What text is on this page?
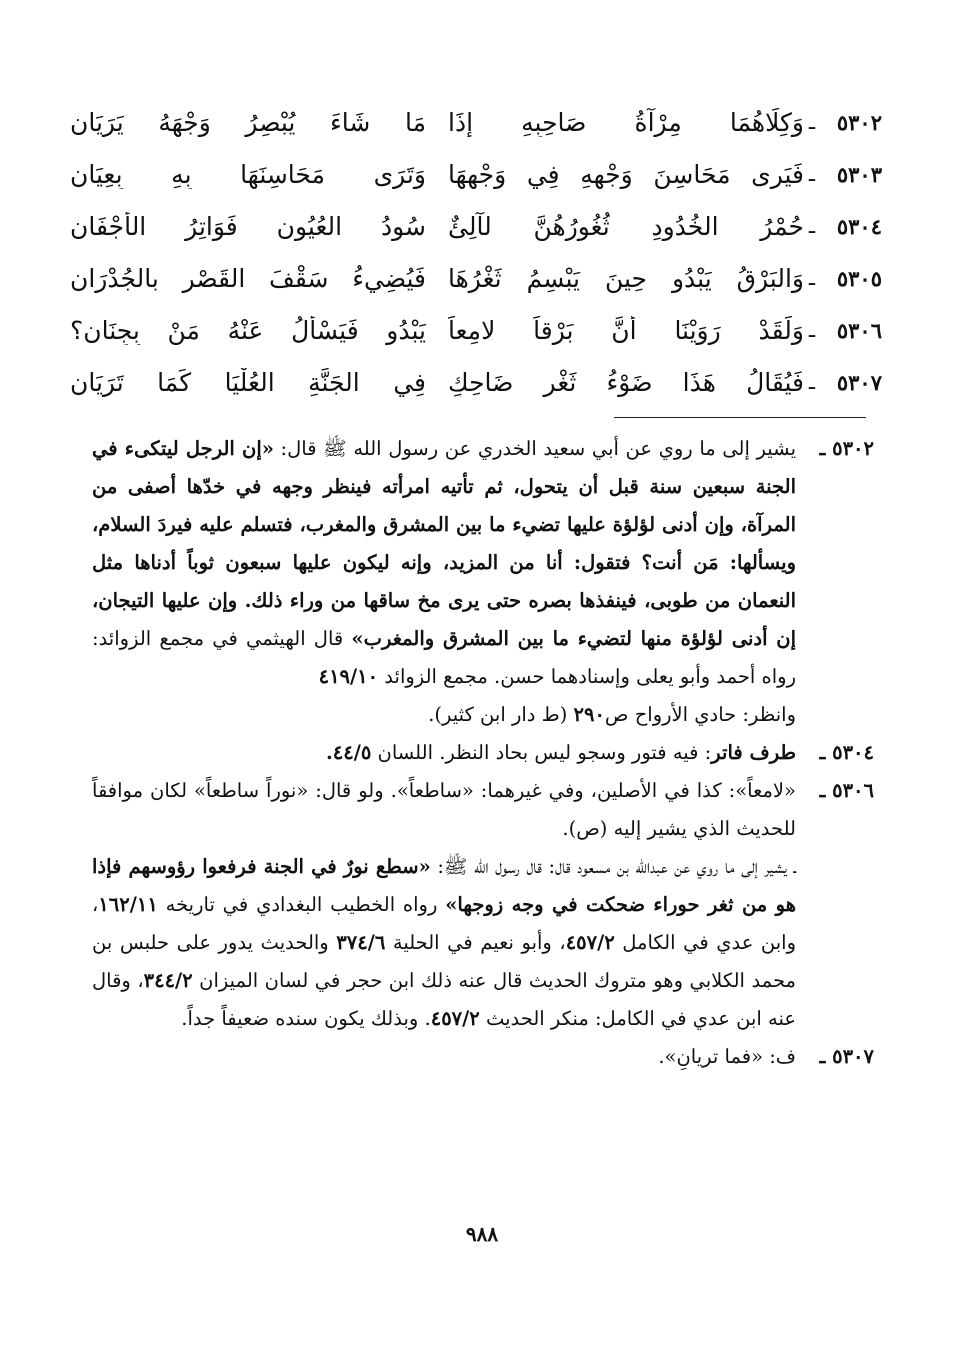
٥٣٠٢
ـ
وَكِلَاهُمَا مِرْآةُ صَاحِبِهِ إِذَا
مَا شَاءَ يُبْصِرُ وَجْهَهُ يَرَيَانِ
٥٣٠٣
ـ
فَيَرى مَحَاسِنَ وَجْهِهِ فِي وَجْهِهَا
وَتَرَى مَحَاسِنَهَا بِهِ بِعِيَانِ
٥٣٠٤
ـ
حُمْرُ الخُدُودِ ثُغُورُهُنَّ لآلِئٌ
سُودُ العُيُونِ فَوَاتِرُ الأَجْفَانِ
٥٣٠٥
ـ
وَالبَرْقُ يَبْدُو حِينَ يَبْسِمُ ثَغْرُهَا
فَيُضِيءُ سَقْفَ القَصْرِ بالجُدْرَانِ
٥٣٠٦
ـ
وَلَقَدْ رَوَيْنَا أَنَّ بَرْقاً لامِعاً
يَبْدُو فَيَسْأَلُ عَنْهُ مَنْ بِجِنَانِ؟
٥٣٠٧
ـ
فَيُقَالُ هَذَا ضَوْءُ ثَغْرٍ ضَاحِكٍ
فِي الجَنَّةِ العُلْيَا كَمَا تَرَيَانِ
٥٣٠٢ ـ
يشير إلى ما روي عن أبي سعيد الخدري عن رسول الله ﷺ قال: «إن الرجل ليتكىء في الجنة سبعين سنة قبل أن يتحول، ثم تأتيه امرأته فينظر وجهه في خدّها أصفى من المرآة، وإن أدنى لؤلؤة عليها تضيء ما بين المشرق والمغرب، فتسلم عليه فيردَ السلام، ويسألها: مَن أنت؟ فتقول: أنا من المزيد، وإنه ليكون عليها سبعون ثوباً أدناها مثل النعمان من طوبى، فينفذها بصره حتى يرى مخ ساقها من وراء ذلك. وإن عليها التيجان، إن أدنى لؤلؤة منها لتضيء ما بين المشرق والمغرب» قال الهيثمي في مجمع الزوائد: رواه أحمد وأبو يعلى وإسنادهما حسن. مجمع الزوائد ٤١٩/١٠
وانظر: حادي الأرواح ص٢٩٠ (ط دار ابن كثير).
٥٣٠٤ ـ
طرف فاتر: فيه فتور وسجو ليس بحاد النظر. اللسان ٤٤/٥.
٥٣٠٦ ـ
«لامعاً»: كذا في الأصلين، وفي غيرهما: «ساطعاً». ولو قال: «نوراً ساطعاً» لكان موافقاً للحديث الذي يشير إليه (ص).
ـ يشير إلى ما روي عن عبدالله بن مسعود قال: قال رسول الله ﷺ: «سطع نورٌ في الجنة فرفعوا رؤوسهم فإذا هو من ثغر حوراء ضحكت في وجه زوجها» رواه الخطيب البغدادي في تاريخه ١٦٢/١١، وابن عدي في الكامل ٤٥٧/٢، وأبو نعيم في الحلية ٣٧٤/٦ والحديث يدور على حلبس بن محمد الكلابي وهو متروك الحديث قال عنه ذلك ابن حجر في لسان الميزان ٣٤٤/٢، وقال عنه ابن عدي في الكامل: منكر الحديث ٤٥٧/٢. وبذلك يكون سنده ضعيفاً جداً.
٥٣٠٧ ـ
ف: «فما تريانِ».
٩٨٨
